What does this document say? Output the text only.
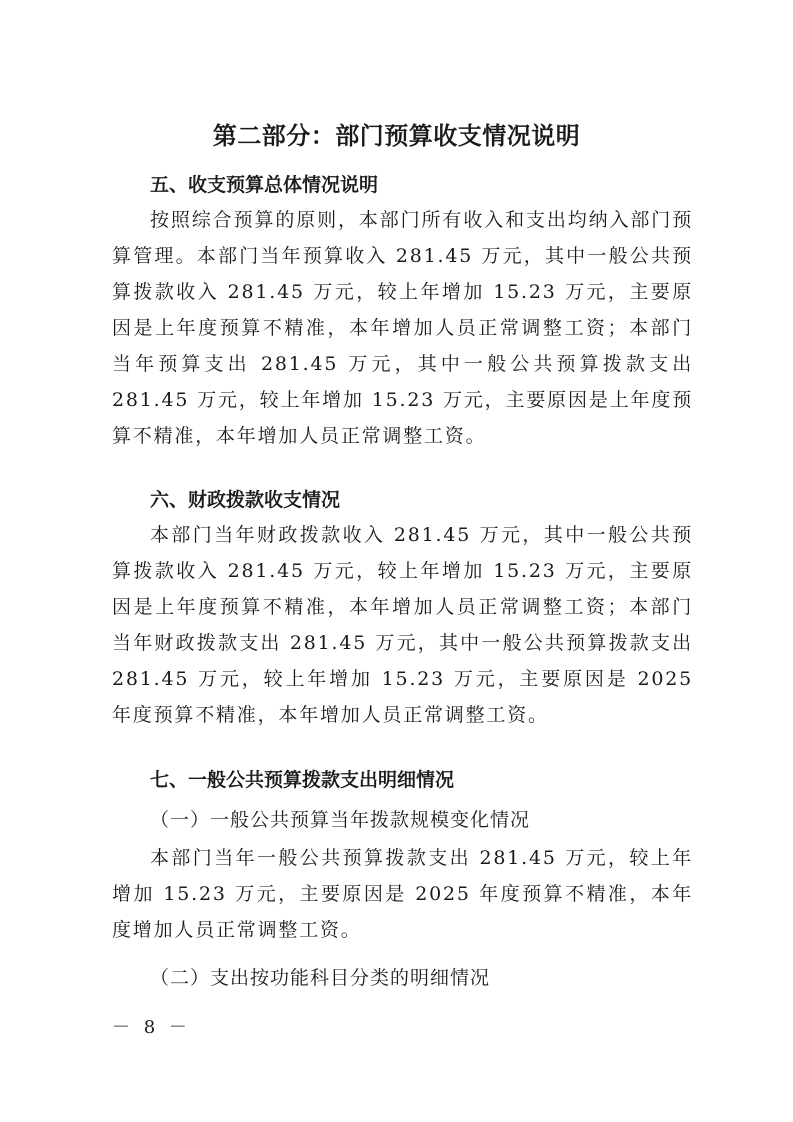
第二部分：部门预算收支情况说明
五、收支预算总体情况说明
按照综合预算的原则，本部门所有收入和支出均纳入部门预算管理。本部门当年预算收入 281.45 万元，其中一般公共预算拨款收入 281.45 万元，较上年增加 15.23 万元，主要原因是上年度预算不精准，本年增加人员正常调整工资；本部门当年预算支出 281.45 万元，其中一般公共预算拨款支出 281.45 万元，较上年增加 15.23 万元，主要原因是上年度预算不精准，本年增加人员正常调整工资。
六、财政拨款收支情况
本部门当年财政拨款收入 281.45 万元，其中一般公共预算拨款收入 281.45 万元，较上年增加 15.23 万元，主要原因是上年度预算不精准，本年增加人员正常调整工资；本部门当年财政拨款支出 281.45 万元，其中一般公共预算拨款支出 281.45 万元，较上年增加 15.23 万元，主要原因是 2025 年度预算不精准，本年增加人员正常调整工资。
七、一般公共预算拨款支出明细情况
（一）一般公共预算当年拨款规模变化情况
本部门当年一般公共预算拨款支出 281.45 万元，较上年增加 15.23 万元，主要原因是 2025 年度预算不精准，本年度增加人员正常调整工资。
（二）支出按功能科目分类的明细情况
－ 8 －
